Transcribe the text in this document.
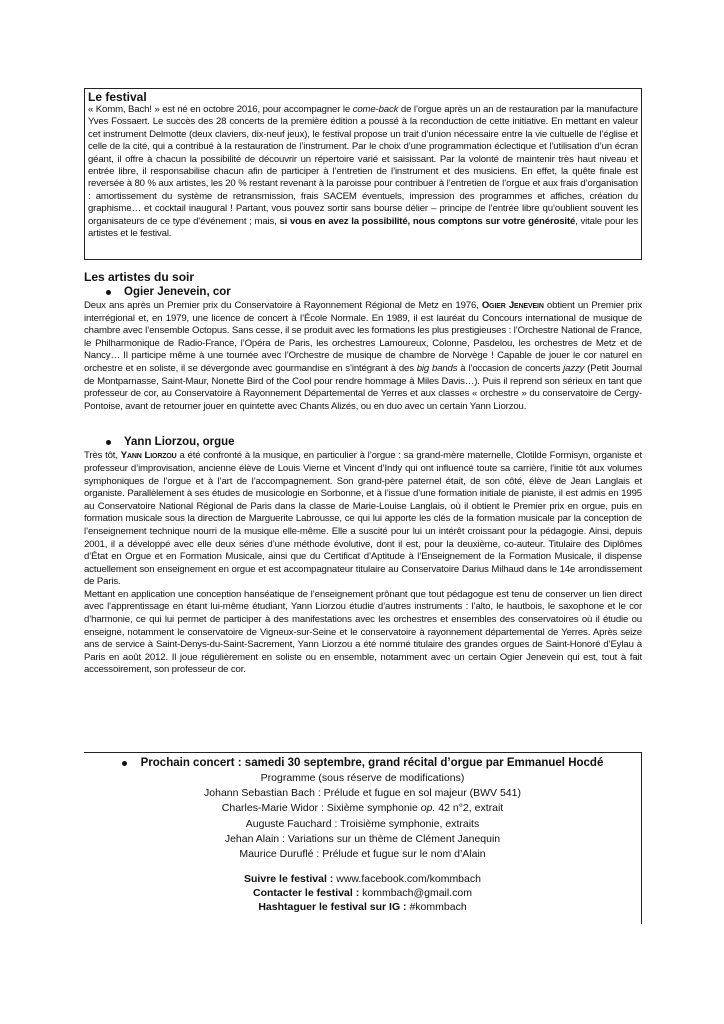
Le festival

« Komm, Bach! » est né en octobre 2016, pour accompagner le come-back de l’orgue après un an de restauration par la manufacture Yves Fossaert. Le succès des 28 concerts de la première édition a poussé à la reconduction de cette initiative. En mettant en valeur cet instrument Delmotte (deux claviers, dix-neuf jeux), le festival propose un trait d’union nécessaire entre la vie cultuelle de l’église et celle de la cité, qui a contribué à la restauration de l’instrument. Par le choix d’une programmation éclectique et l’utilisation d’un écran géant, il offre à chacun la possibilité de découvrir un répertoire varié et saisissant. Par la volonté de maintenir très haut niveau et entrée libre, il responsabilise chacun afin de participer à l’entretien de l’instrument et des musiciens. En effet, la quête finale est reversée à 80 % aux artistes, les 20 % restant revenant à la paroisse pour contribuer à l’entretien de l’orgue et aux frais d’organisation : amortissement du système de retransmission, frais SACEM éventuels, impression des programmes et affiches, création du graphisme… et cocktail inaugural ! Partant, vous pouvez sortir sans bourse délier – principe de l’entrée libre qu’oublient souvent les organisateurs de ce type d’événement ; mais, si vous en avez la possibilité, nous comptons sur votre générosité, vitale pour les artistes et le festival.

Les artistes du soir

Ogier Jenevein, cor

Deux ans après un Premier prix du Conservatoire à Rayonnement Régional de Metz en 1976, Ogier Jenevein obtient un Premier prix interrégional et, en 1979, une licence de concert à l’École Normale. En 1989, il est lauréat du Concours international de musique de chambre avec l’ensemble Octopus. Sans cesse, il se produit avec les formations les plus prestigieuses : l’Orchestre National de France, le Philharmonique de Radio-France, l’Opéra de Paris, les orchestres Lamoureux, Colonne, Pasdelou, les orchestres de Metz et de Nancy… Il participe même à une tournée avec l’Orchestre de musique de chambre de Norvège ! Capable de jouer le cor naturel en orchestre et en soliste, il se dévergonde avec gourmandise en s’intégrant à des big bands à l’occasion de concerts jazzy (Petit Journal de Montparnasse, Saint-Maur, Nonette Bird of the Cool pour rendre hommage à Miles Davis…). Puis il reprend son sérieux en tant que professeur de cor, au Conservatoire à Rayonnement Départemental de Yerres et aux classes « orchestre » du conservatoire de Cergy-Pontoise, avant de retourner jouer en quintette avec Chants Alizés, ou en duo avec un certain Yann Liorzou.

Yann Liorzou, orgue

Très tôt, Yann Liorzou a été confronté à la musique, en particulier à l’orgue : sa grand-mère maternelle, Clotilde Formisyn, organiste et professeur d’improvisation, ancienne élève de Louis Vierne et Vincent d’Indy qui ont influencé toute sa carrière, l’initie tôt aux volumes symphoniques de l’orgue et à l’art de l’accompagnement. Son grand-père paternel était, de son côté, élève de Jean Langlais et organiste. Parallèlement à ses études de musicologie en Sorbonne, et à l’issue d’une formation initiale de pianiste, il est admis en 1995 au Conservatoire National Régional de Paris dans la classe de Marie-Louise Langlais, où il obtient le Premier prix en orgue, puis en formation musicale sous la direction de Marguerite Labrousse, ce qui lui apporte les clés de la formation musicale par la conception de l’enseignement technique nourri de la musique elle-même. Elle a suscité pour lui un intérêt croissant pour la pédagogie. Ainsi, depuis 2001, il a développé avec elle deux séries d’une méthode évolutive, dont il est, pour la deuxième, co-auteur. Titulaire des Diplômes d’État en Orgue et en Formation Musicale, ainsi que du Certificat d’Aptitude à l’Enseignement de la Formation Musicale, il dispense actuellement son enseignement en orgue et est accompagnateur titulaire au Conservatoire Darius Milhaud dans le 14e arrondissement de Paris.

Mettant en application une conception hanséatique de l’enseignement prônant que tout pédagogue est tenu de conserver un lien direct avec l’apprentissage en étant lui-même étudiant, Yann Liorzou étudie d’autres instruments : l’alto, le hautbois, le saxophone et le cor d’harmonie, ce qui lui permet de participer à des manifestations avec les orchestres et ensembles des conservatoires où il étudie ou enseigne, notamment le conservatoire de Vigneux-sur-Seine et le conservatoire à rayonnement départemental de Yerres. Après seize ans de service à Saint-Denys-du-Saint-Sacrement, Yann Liorzou a été nommé titulaire des grandes orgues de Saint-Honoré d’Eylau à Paris en août 2012. Il joue régulièrement en soliste ou en ensemble, notamment avec un certain Ogier Jenevein qui est, tout à fait accessoirement, son professeur de cor.

Prochain concert : samedi 30 septembre, grand récital d’orgue par Emmanuel Hocdé

Programme (sous réserve de modifications)

Johann Sebastian Bach : Prélude et fugue en sol majeur (BWV 541)

Charles-Marie Widor : Sixième symphonie op. 42 n°2, extrait

Auguste Fauchard : Troisième symphonie, extraits

Jehan Alain : Variations sur un thème de Clément Janequin

Maurice Duruflé : Prélude et fugue sur le nom d’Alain

Suivre le festival : www.facebook.com/kommbach

Contacter le festival : kommbach@gmail.com

Hashtaguer le festival sur IG : #kommbach
